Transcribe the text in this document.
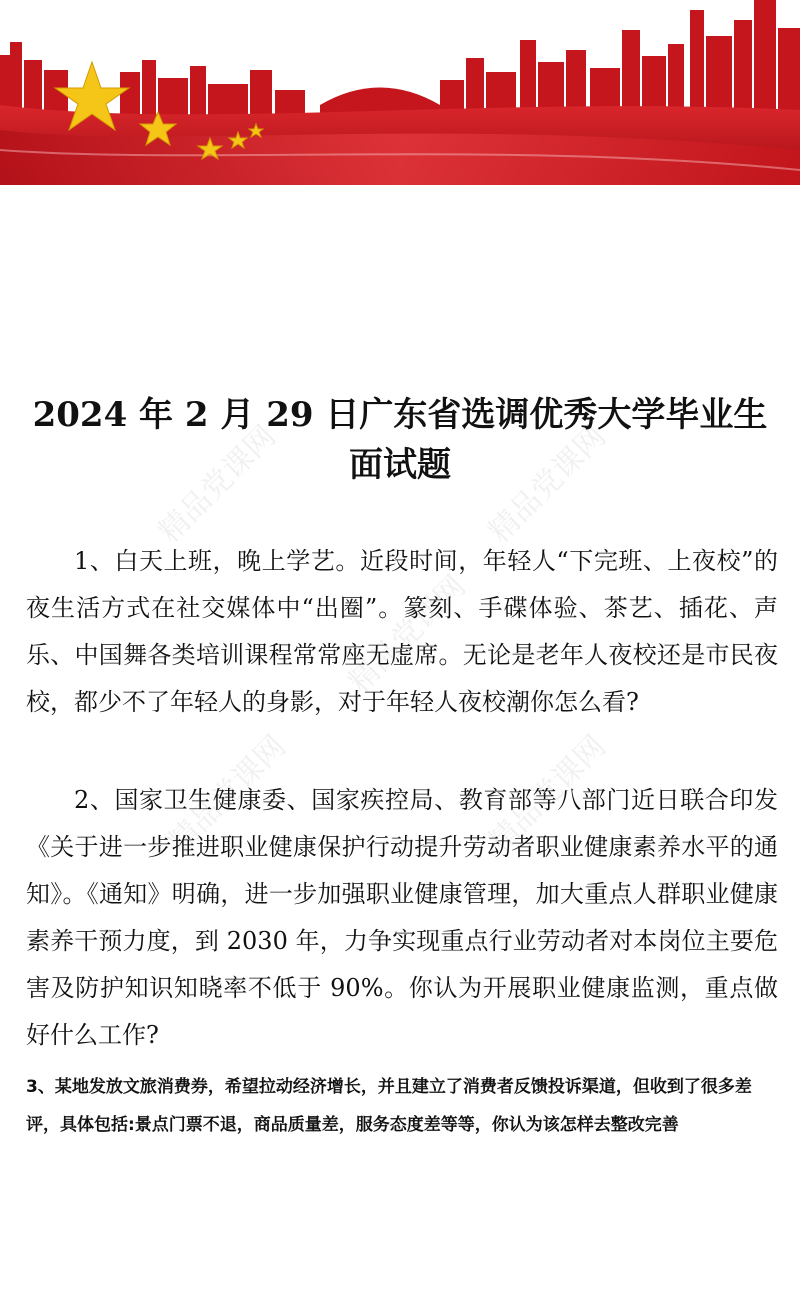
精品党课网	精品党课网
精品党课网
精品党课网	精品党课网
2024 年 2 月 29 日广东省选调优秀大学毕业生
面试题
1、白天上班，晚上学艺。近段时间，年轻人“下完班、上夜校”的夜生活方式在社交媒体中“出圈”。篆刻、手碟体验、茶艺、插花、声乐、中国舞各类培训课程常常座无虚席。无论是老年人夜校还是市民夜校，都少不了年轻人的身影，对于年轻人夜校潮你怎么看?
2、国家卫生健康委、国家疾控局、教育部等八部门近日联合印发《关于进一步推进职业健康保护行动提升劳动者职业健康素养水平的通知》。《通知》明确，进一步加强职业健康管理，加大重点人群职业健康素养干预力度，到 2030 年，力争实现重点行业劳动者对本岗位主要危害及防护知识知晓率不低于 90%。你认为开展职业健康监测，重点做好什么工作?
3、某地发放文旅消费券，希望拉动经济增长，并且建立了消费者反馈投诉渠道，但收到了很多差评，具体包括:景点门票不退，商品质量差，服务态度差等等，你认为该怎样去整改完善
